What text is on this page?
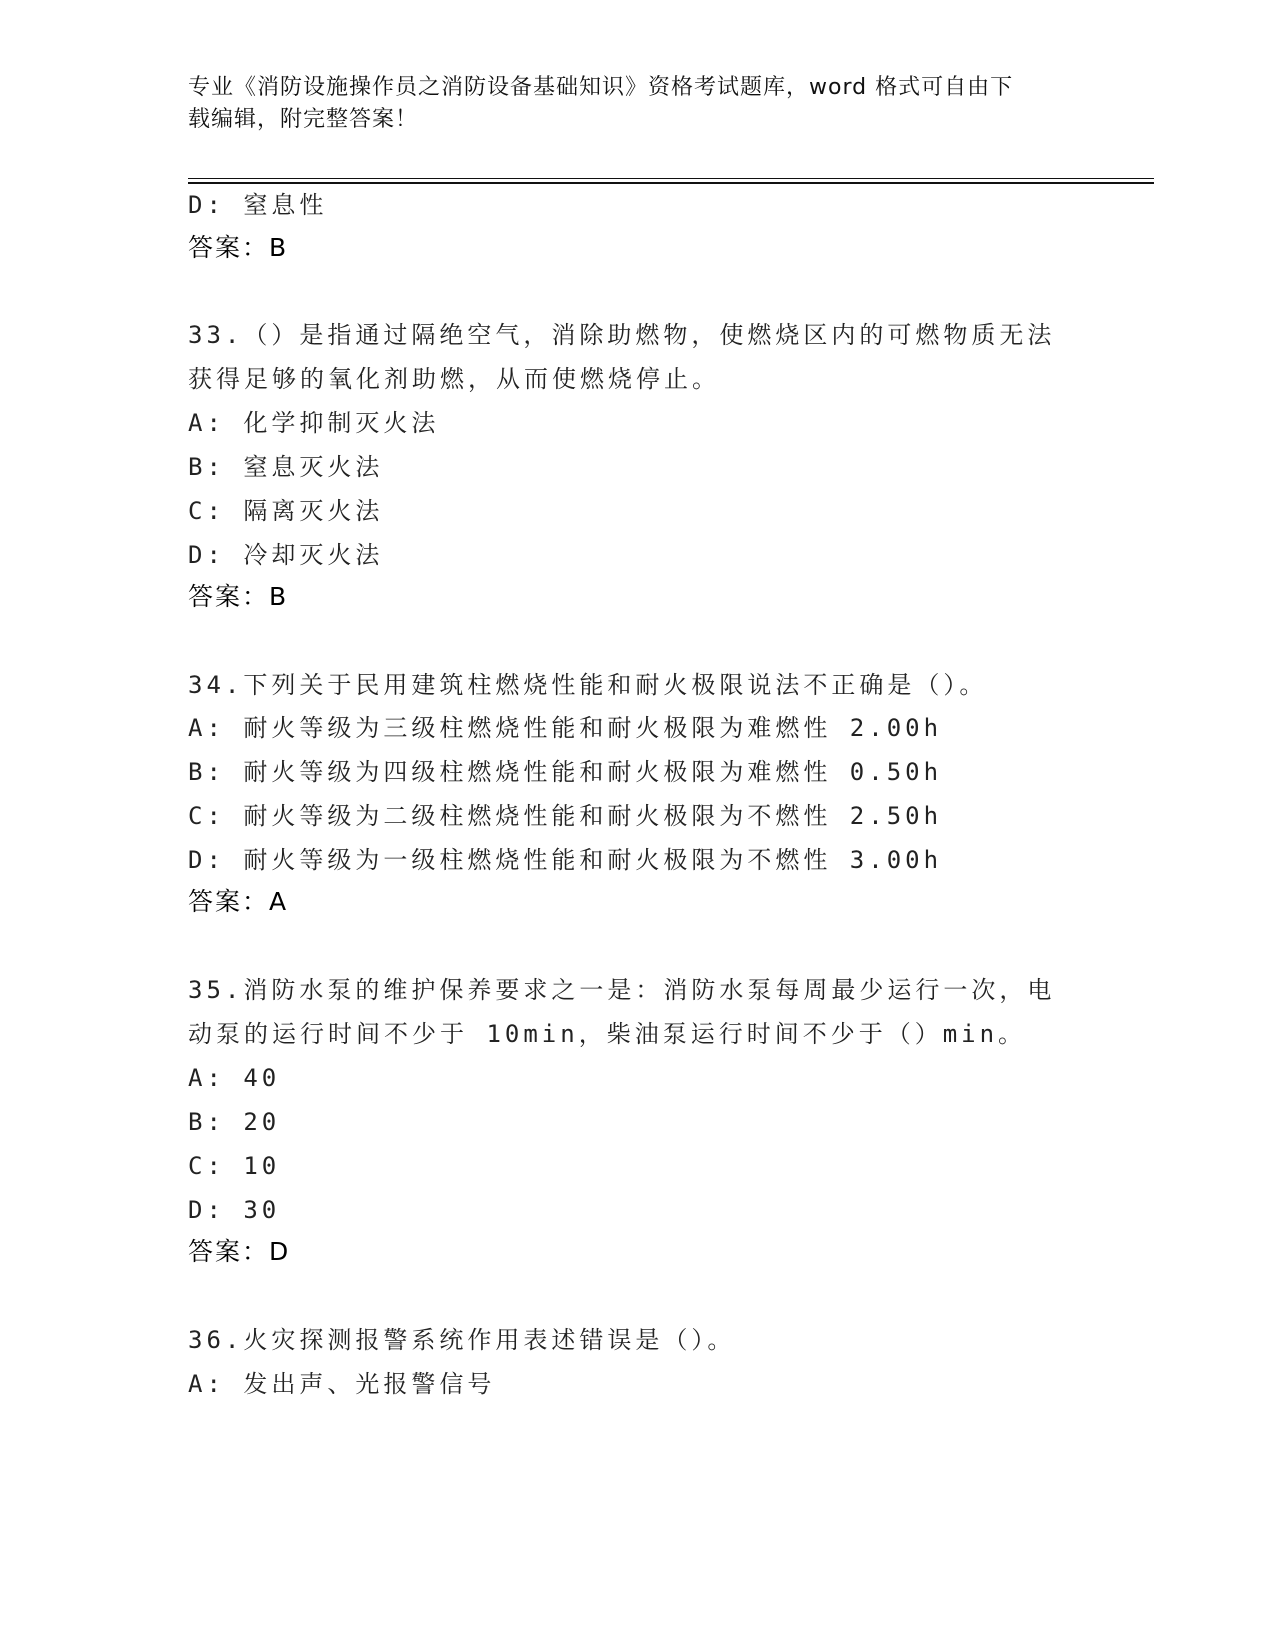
专业《消防设施操作员之消防设备基础知识》资格考试题库，word 格式可自由下
载编辑，附完整答案！
D: 窒息性
答案：B
33.（）是指通过隔绝空气，消除助燃物，使燃烧区内的可燃物质无法
获得足够的氧化剂助燃，从而使燃烧停止。
A: 化学抑制灭火法
B: 窒息灭火法
C: 隔离灭火法
D: 冷却灭火法
答案：B
34.下列关于民用建筑柱燃烧性能和耐火极限说法不正确是（）。
A: 耐火等级为三级柱燃烧性能和耐火极限为难燃性 2.00h
B: 耐火等级为四级柱燃烧性能和耐火极限为难燃性 0.50h
C: 耐火等级为二级柱燃烧性能和耐火极限为不燃性 2.50h
D: 耐火等级为一级柱燃烧性能和耐火极限为不燃性 3.00h
答案：A
35.消防水泵的维护保养要求之一是：消防水泵每周最少运行一次，电
动泵的运行时间不少于 10min，柴油泵运行时间不少于（）min。
A: 40
B: 20
C: 10
D: 30
答案：D
36.火灾探测报警系统作用表述错误是（）。
A: 发出声、光报警信号
